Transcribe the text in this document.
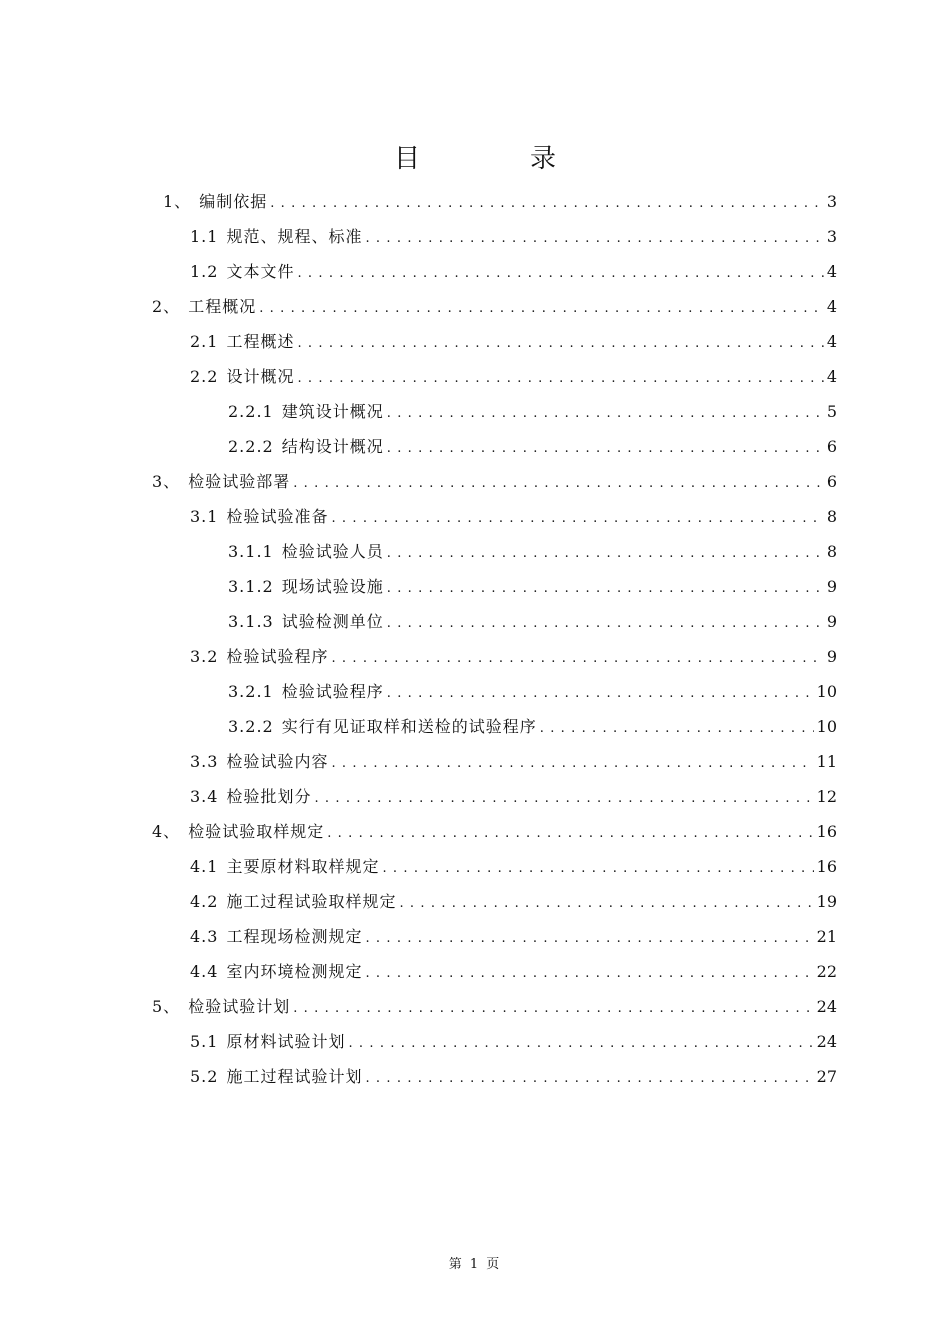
目　录
1、 编制依据 . . .	3
1.1 规范、规程、标准 . . .	3
1.2 文本文件 . . .	4
2、 工程概况 . . .	4
2.1 工程概述 . . .	4
2.2 设计概况 . . .	4
2.2.1 建筑设计概况 . . .	5
2.2.2 结构设计概况 . . .	6
3、 检验试验部署 . . .	6
3.1 检验试验准备 . . .	8
3.1.1 检验试验人员 . . .	8
3.1.2 现场试验设施 . . .	9
3.1.3 试验检测单位 . . .	9
3.2 检验试验程序 . . .	9
3.2.1 检验试验程序 . . .	10
3.2.2 实行有见证取样和送检的试验程序 . . .	10
3.3 检验试验内容 . . .	11
3.4 检验批划分 . . .	12
4、 检验试验取样规定 . . .	16
4.1 主要原材料取样规定 . . .	16
4.2 施工过程试验取样规定 . . .	19
4.3 工程现场检测规定 . . .	21
4.4 室内环境检测规定 . . .	22
5、 检验试验计划 . . .	24
5.1 原材料试验计划 . . .	24
5.2 施工过程试验计划 . . .	27
第 1 页
